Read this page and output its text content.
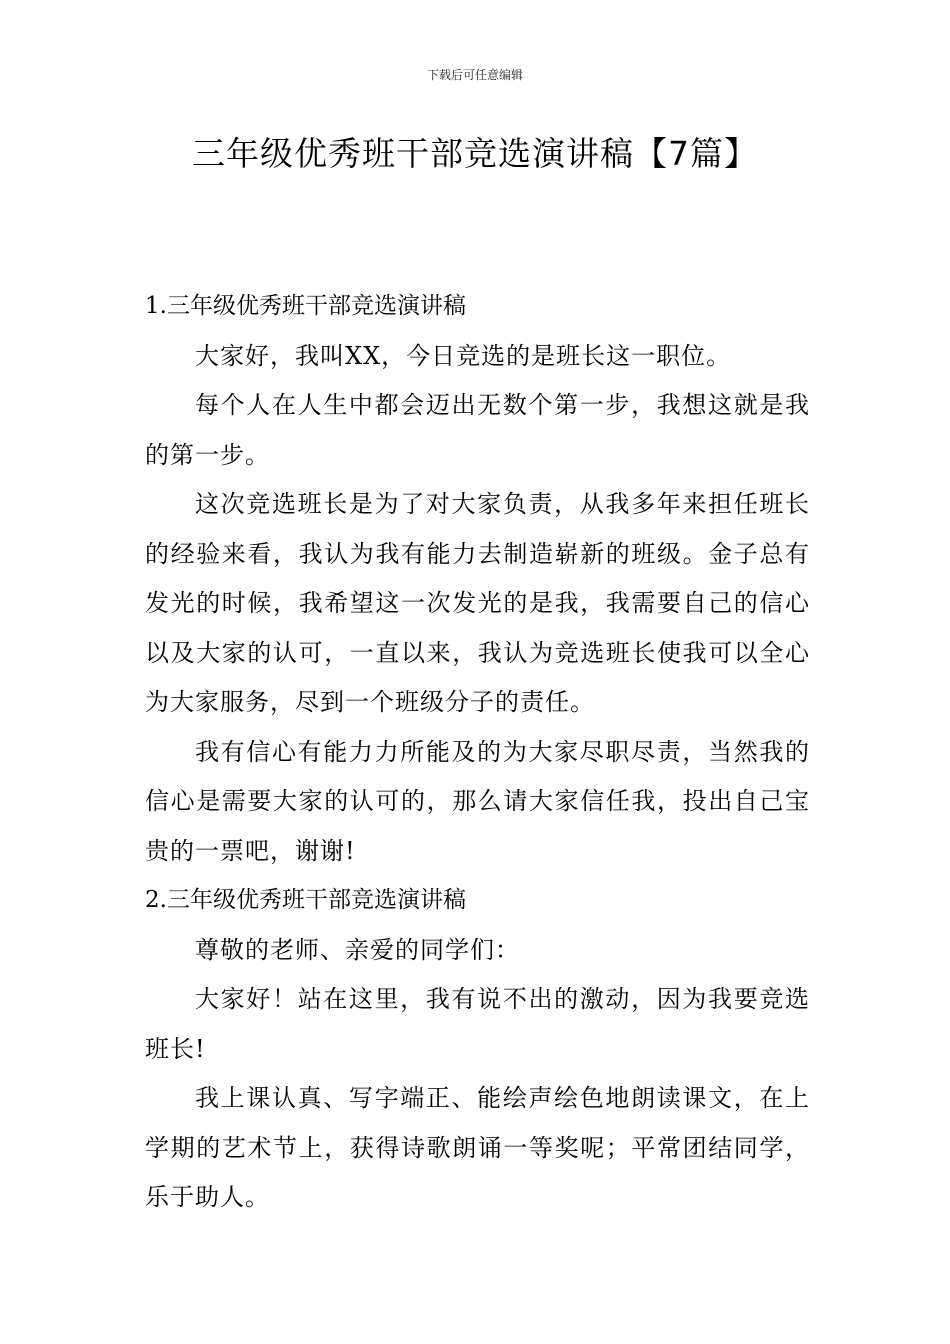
下载后可任意编辑
三年级优秀班干部竞选演讲稿【7篇】

1.三年级优秀班干部竞选演讲稿

大家好，我叫XX，今日竞选的是班长这一职位。

每个人在人生中都会迈出无数个第一步，我想这就是我的第一步。

这次竞选班长是为了对大家负责，从我多年来担任班长的经验来看，我认为我有能力去制造崭新的班级。金子总有发光的时候，我希望这一次发光的是我，我需要自己的信心以及大家的认可，一直以来，我认为竞选班长使我可以全心为大家服务，尽到一个班级分子的责任。

我有信心有能力力所能及的为大家尽职尽责，当然我的信心是需要大家的认可的，那么请大家信任我，投出自己宝贵的一票吧，谢谢!

2.三年级优秀班干部竞选演讲稿

尊敬的老师、亲爱的同学们：

大家好！站在这里，我有说不出的激动，因为我要竞选班长!

我上课认真、写字端正、能绘声绘色地朗读课文，在上学期的艺术节上，获得诗歌朗诵一等奖呢；平常团结同学，乐于助人。
